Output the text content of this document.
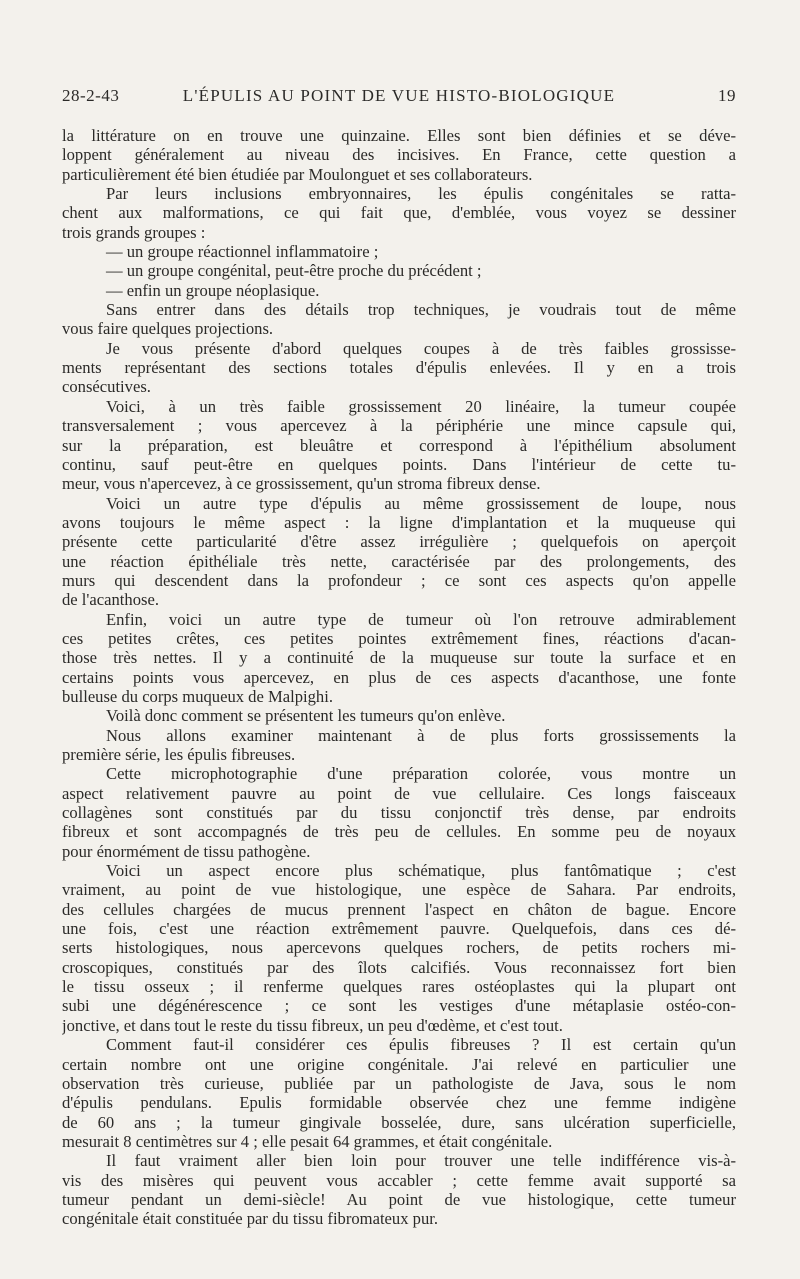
28-2-43	L'ÉPULIS AU POINT DE VUE HISTO-BIOLOGIQUE	19
la littérature on en trouve une quinzaine. Elles sont bien définies et se déve-
loppent généralement au niveau des incisives. En France, cette question a
particulièrement été bien étudiée par Moulonguet et ses collaborateurs.
Par leurs inclusions embryonnaires, les épulis congénitales se ratta-
chent aux malformations, ce qui fait que, d'emblée, vous voyez se dessiner
trois grands groupes :
— un groupe réactionnel inflammatoire ;
— un groupe congénital, peut-être proche du précédent ;
— enfin un groupe néoplasique.
Sans entrer dans des détails trop techniques, je voudrais tout de même
vous faire quelques projections.
Je vous présente d'abord quelques coupes à de très faibles grossisse-
ments représentant des sections totales d'épulis enlevées. Il y en a trois
consécutives.
Voici, à un très faible grossissement 20 linéaire, la tumeur coupée
transversalement ; vous apercevez à la périphérie une mince capsule qui,
sur la préparation, est bleuâtre et correspond à l'épithélium absolument
continu, sauf peut-être en quelques points. Dans l'intérieur de cette tu-
meur, vous n'apercevez, à ce grossissement, qu'un stroma fibreux dense.
Voici un autre type d'épulis au même grossissement de loupe, nous
avons toujours le même aspect : la ligne d'implantation et la muqueuse qui
présente cette particularité d'être assez irrégulière ; quelquefois on aperçoit
une réaction épithéliale très nette, caractérisée par des prolongements, des
murs qui descendent dans la profondeur ; ce sont ces aspects qu'on appelle
de l'acanthose.
Enfin, voici un autre type de tumeur où l'on retrouve admirablement
ces petites crêtes, ces petites pointes extrêmement fines, réactions d'acan-
those très nettes. Il y a continuité de la muqueuse sur toute la surface et en
certains points vous apercevez, en plus de ces aspects d'acanthose, une fonte
bulleuse du corps muqueux de Malpighi.
Voilà donc comment se présentent les tumeurs qu'on enlève.
Nous allons examiner maintenant à de plus forts grossissements la
première série, les épulis fibreuses.
Cette microphotographie d'une préparation colorée, vous montre un
aspect relativement pauvre au point de vue cellulaire. Ces longs faisceaux
collagènes sont constitués par du tissu conjonctif très dense, par endroits
fibreux et sont accompagnés de très peu de cellules. En somme peu de noyaux
pour énormément de tissu pathogène.
Voici un aspect encore plus schématique, plus fantômatique ; c'est
vraiment, au point de vue histologique, une espèce de Sahara. Par endroits,
des cellules chargées de mucus prennent l'aspect en châton de bague. Encore
une fois, c'est une réaction extrêmement pauvre. Quelquefois, dans ces dé-
serts histologiques, nous apercevons quelques rochers, de petits rochers mi-
croscopiques, constitués par des îlots calcifiés. Vous reconnaissez fort bien
le tissu osseux ; il renferme quelques rares ostéoplastes qui la plupart ont
subi une dégénérescence ; ce sont les vestiges d'une métaplasie ostéo-con-
jonctive, et dans tout le reste du tissu fibreux, un peu d'œdème, et c'est tout.
Comment faut-il considérer ces épulis fibreuses ? Il est certain qu'un
certain nombre ont une origine congénitale. J'ai relevé en particulier une
observation très curieuse, publiée par un pathologiste de Java, sous le nom
d'épulis pendulans. Epulis formidable observée chez une femme indigène
de 60 ans ; la tumeur gingivale bosselée, dure, sans ulcération superficielle,
mesurait 8 centimètres sur 4 ; elle pesait 64 grammes, et était congénitale.
Il faut vraiment aller bien loin pour trouver une telle indifférence vis-à-
vis des misères qui peuvent vous accabler ; cette femme avait supporté sa
tumeur pendant un demi-siècle! Au point de vue histologique, cette tumeur
congénitale était constituée par du tissu fibromateux pur.
